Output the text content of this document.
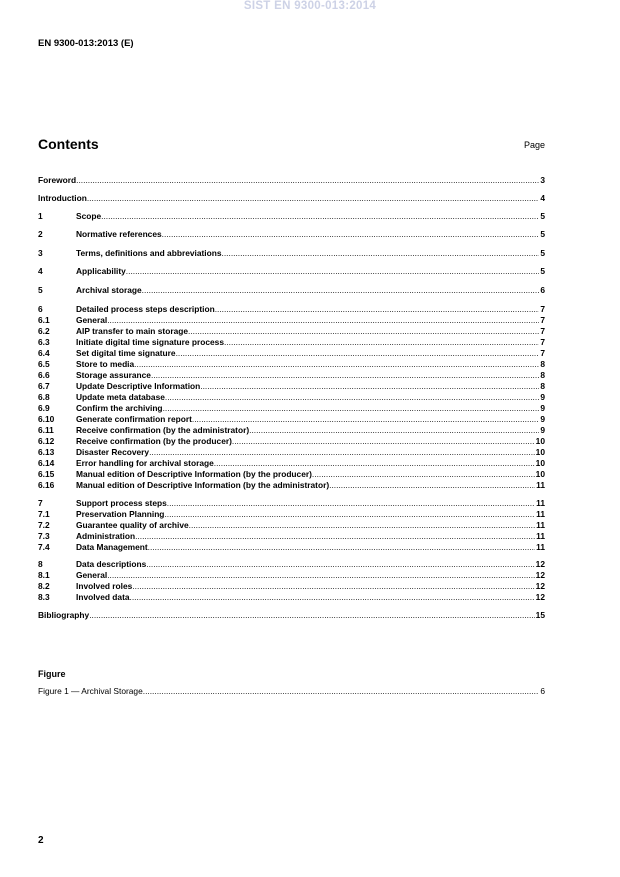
SIST EN 9300-013:2014
EN 9300-013:2013 (E)
Contents	Page
Foreword .....	3
Introduction .....	4
1	Scope .....	5
2	Normative references .....	5
3	Terms, definitions and abbreviations .....	5
4	Applicability .....	5
5	Archival storage .....	6
6	Detailed process steps description .....	7
6.1	General .....	7
6.2	AIP transfer to main storage .....	7
6.3	Initiate digital time signature process .....	7
6.4	Set digital time signature .....	7
6.5	Store to media .....	8
6.6	Storage assurance .....	8
6.7	Update Descriptive Information .....	8
6.8	Update meta database .....	9
6.9	Confirm the archiving .....	9
6.10	Generate confirmation report .....	9
6.11	Receive confirmation (by the administrator) .....	9
6.12	Receive confirmation (by the producer) .....	10
6.13	Disaster Recovery .....	10
6.14	Error handling for archival storage .....	10
6.15	Manual edition of Descriptive Information (by the producer) .....	10
6.16	Manual edition of Descriptive Information (by the administrator) .....	11
7	Support process steps .....	11
7.1	Preservation Planning .....	11
7.2	Guarantee quality of archive .....	11
7.3	Administration .....	11
7.4	Data Management .....	11
8	Data descriptions .....	12
8.1	General .....	12
8.2	Involved roles .....	12
8.3	Involved data .....	12
Bibliography .....	15
Figure
Figure 1 — Archival Storage .....	6
2
